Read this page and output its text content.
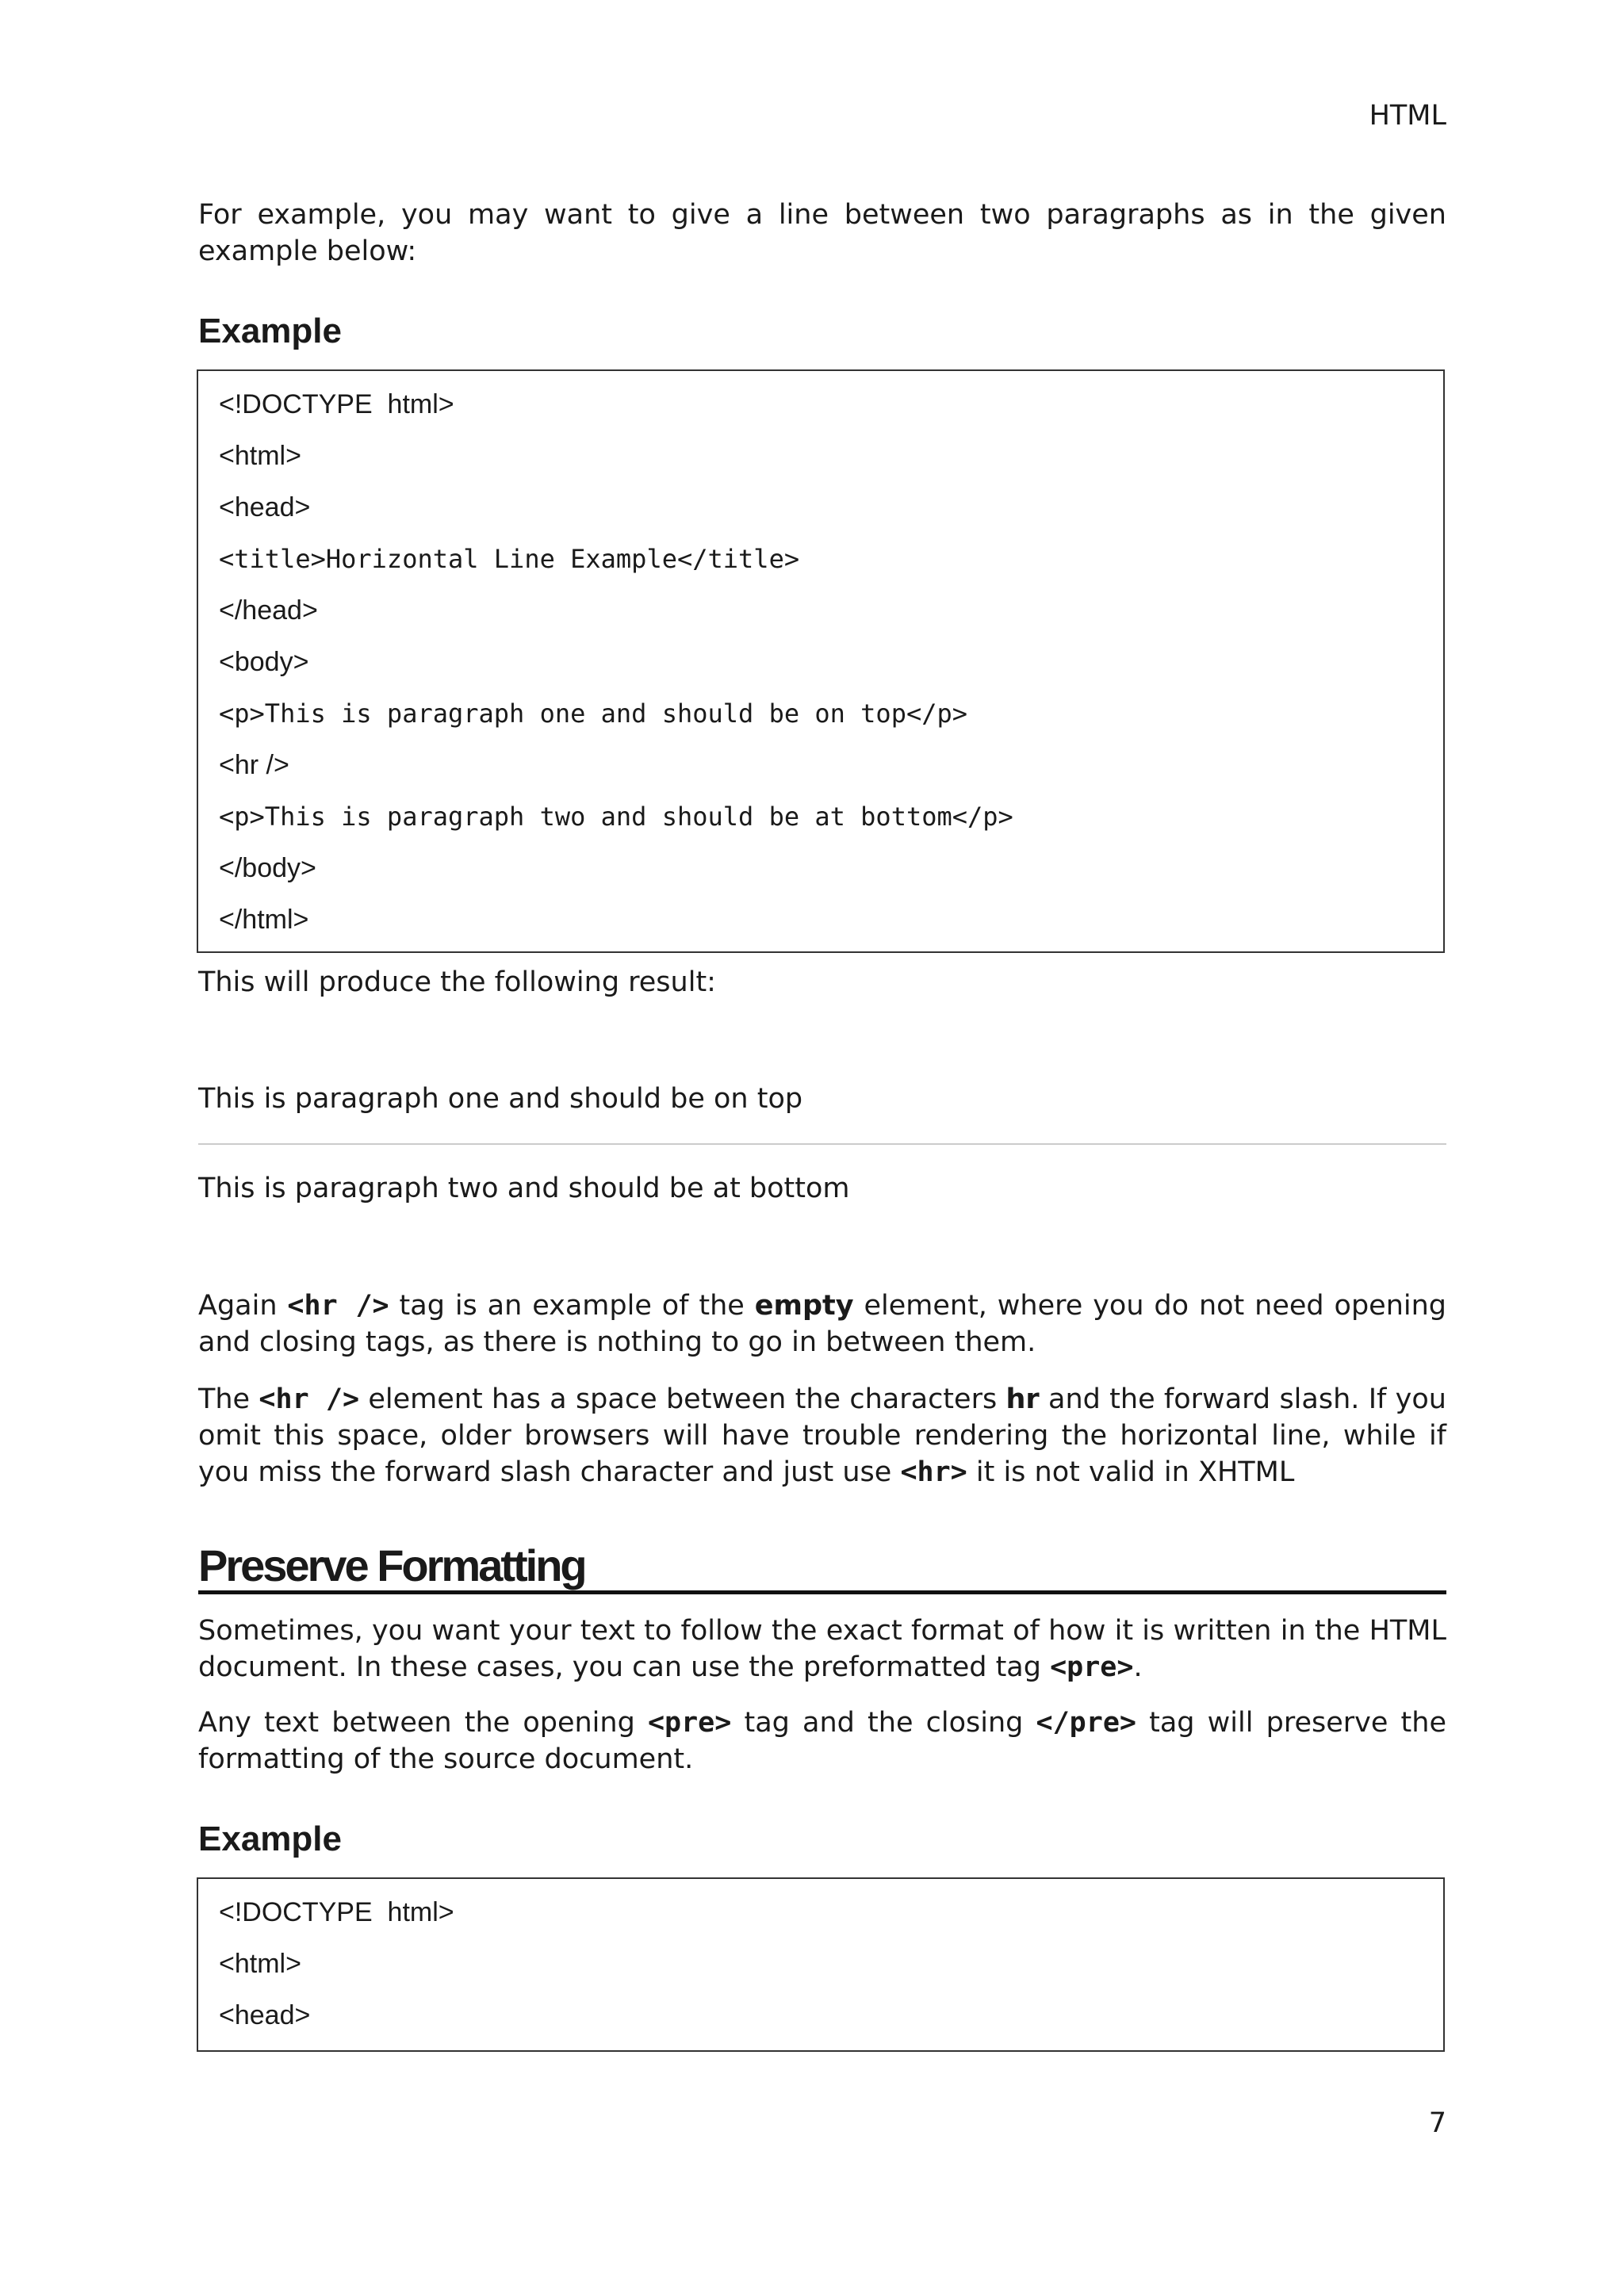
HTML

For example, you may want to give a line between two paragraphs as in the given example below:

Example
<!DOCTYPE  html>
<html>
<head>
<title>Horizontal Line Example</title>
</head>
<body>
<p>This is paragraph one and should be on top</p>
<hr />
<p>This is paragraph two and should be at bottom</p>
</body>
</html>

This will produce the following result:

This is paragraph one and should be on top
This is paragraph two and should be at bottom

Again <hr /> tag is an example of the empty element, where you do not need opening and closing tags, as there is nothing to go in between them.

The <hr /> element has a space between the characters hr and the forward slash. If you omit this space, older browsers will have trouble rendering the horizontal line, while if you miss the forward slash character and just use <hr> it is not valid in XHTML

Preserve Formatting

Sometimes, you want your text to follow the exact format of how it is written in the HTML document. In these cases, you can use the preformatted tag <pre>.

Any text between the opening <pre> tag and the closing </pre> tag will preserve the formatting of the source document.

Example
<!DOCTYPE  html>
<html>
<head>
7
